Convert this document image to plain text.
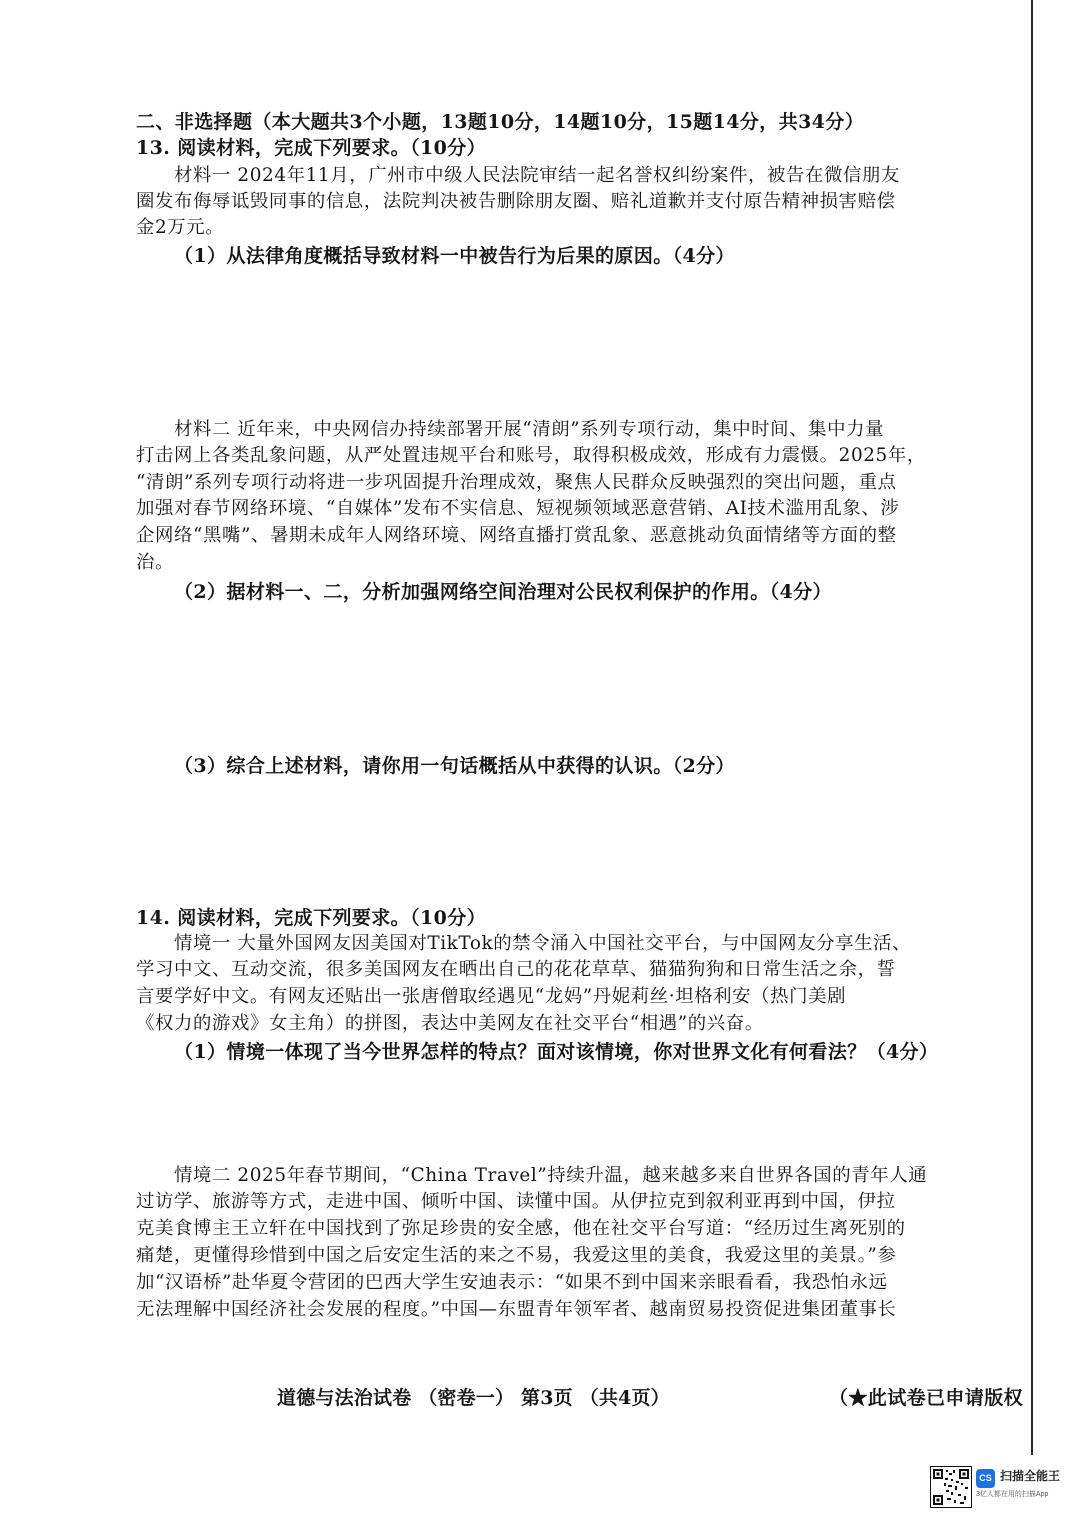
二、非选择题（本大题共3个小题，13题10分，14题10分，15题14分，共34分）
13. 阅读材料，完成下列要求。（10分）
材料一 2024年11月，广州市中级人民法院审结一起名誉权纠纷案件，被告在微信朋友
圈发布侮辱诋毁同事的信息，法院判决被告删除朋友圈、赔礼道歉并支付原告精神损害赔偿
金2万元。
（1）从法律角度概括导致材料一中被告行为后果的原因。（4分）
材料二 近年来，中央网信办持续部署开展“清朗”系列专项行动，集中时间、集中力量
打击网上各类乱象问题，从严处置违规平台和账号，取得积极成效，形成有力震慑。2025年，
“清朗”系列专项行动将进一步巩固提升治理成效，聚焦人民群众反映强烈的突出问题，重点
加强对春节网络环境、“自媒体”发布不实信息、短视频领域恶意营销、AI技术滥用乱象、涉
企网络“黑嘴”、暑期未成年人网络环境、网络直播打赏乱象、恶意挑动负面情绪等方面的整
治。
（2）据材料一、二，分析加强网络空间治理对公民权利保护的作用。（4分）
（3）综合上述材料，请你用一句话概括从中获得的认识。（2分）
14. 阅读材料，完成下列要求。（10分）
情境一 大量外国网友因美国对TikTok的禁令涌入中国社交平台，与中国网友分享生活、
学习中文、互动交流，很多美国网友在晒出自己的花花草草、猫猫狗狗和日常生活之余，誓
言要学好中文。有网友还贴出一张唐僧取经遇见“龙妈”丹妮莉丝·坦格利安（热门美剧
《权力的游戏》女主角）的拼图，表达中美网友在社交平台“相遇”的兴奋。
（1）情境一体现了当今世界怎样的特点？面对该情境，你对世界文化有何看法？（4分）
情境二 2025年春节期间，“China Travel”持续升温，越来越多来自世界各国的青年人通
过访学、旅游等方式，走进中国、倾听中国、读懂中国。从伊拉克到叙利亚再到中国，伊拉
克美食博主王立轩在中国找到了弥足珍贵的安全感，他在社交平台写道：“经历过生离死别的
痛楚，更懂得珍惜到中国之后安定生活的来之不易，我爱这里的美食，我爱这里的美景。”参
加“汉语桥”赴华夏令营团的巴西大学生安迪表示：“如果不到中国来亲眼看看，我恐怕永远
无法理解中国经济社会发展的程度。”中国—东盟青年领军者、越南贸易投资促进集团董事长
道德与法治试卷 （密卷一） 第3页 （共4页）	（★此试卷已申请版权
CS 扫描全能王
3亿人都在用的扫描App
